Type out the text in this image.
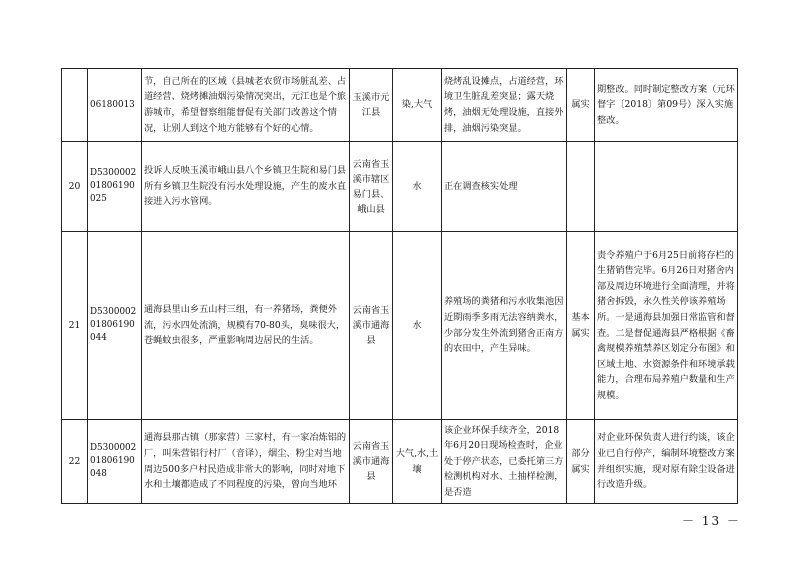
	06180013	节，自己所在的区域（县城老农贸市场脏乱差、占道经营、烧烤摊油烟污染情况突出，元江也是个旅游城市，希望督察组能督促有关部门改善这个情况，让别人到这个地方能够有个好的心情。	玉溪市元江县	染,大气	烧烤乱设摊点，占道经营，环境卫生脏乱差突显；露天烧烤，油烟无处理设施，直接外排，油烟污染突显。	属实	期整改。同时制定整改方案（元环督字〔2018〕第09号）深入实施整改。
20	D530000201806190025	投诉人反映玉溪市峨山县八个乡镇卫生院和易门县所有乡镇卫生院没有污水处理设施，产生的废水直接进入污水管网。	云南省玉溪市辖区易门县、峨山县	水	正在调查核实处理		
21	D530000201806190044	通海县里山乡五山村三组，有一养猪场，粪便外流，污水四处流淌，规模有70-80头，臭味很大，苍蝇蚊虫很多，严重影响周边居民的生活。	云南省玉溪市通海县	水	养殖场的粪猪和污水收集池因近期雨季多雨无法容纳粪水，少部分发生外流到猪舍正南方的农田中，产生异味。	基本属实	责令养殖户于6月25日前将存栏的生猪销售完毕。6月26日对猪舍内部及周边环境进行全面清理，并将猪舍拆毁，永久性关停该养殖场所。一是通海县加强日常监管和督查。二是督促通海县严格根据《畜禽规模养殖禁养区划定分布图》和区域土地、水资源条件和环境承载能力，合理布局养殖户数量和生产规模。
22	D530000201806190048	通海县那古镇（那家营）三家村，有一家冶炼铝的厂，叫朱营铝行村厂（音译），烟尘、粉尘对当地周边500多户村民造成非常大的影响，同时对地下水和土壤都造成了不同程度的污染，曾向当地环	云南省玉溪市通海县	大气,水,土壤	该企业环保手续齐全，2018年6月20日现场检查时，企业处于停产状态，已委托第三方检测机构对水、土抽样检测，是否造	部分属实	对企业环保负责人进行约谈，该企业已自行停产，编制环境整改方案并组织实施，现对原有除尘设备进行改造升级。
－ 13 －
